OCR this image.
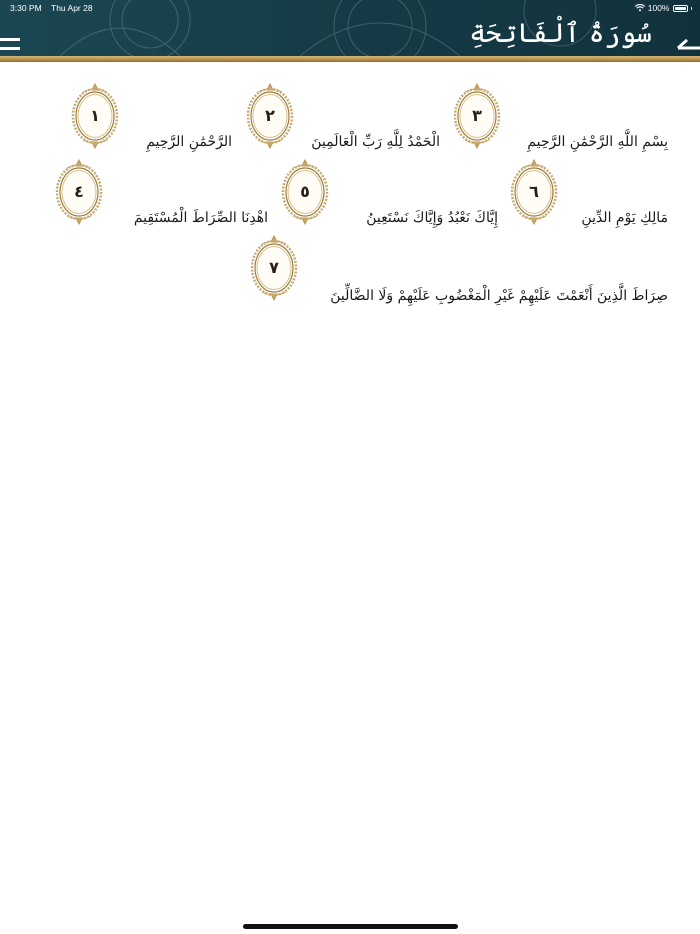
3:30 PM Thu Apr 28	100%
سُورَةُ ٱلْفَاتِحَةِ
بِسْمِ اللَّهِ الرَّحْمَٰنِ الرَّحِيمِ
٣
الْحَمْدُ لِلَّهِ رَبِّ الْعَالَمِينَ
٢
الرَّحْمَٰنِ الرَّحِيمِ
١
مَالِكِ يَوْمِ الدِّينِ
٦
إِيَّاكَ نَعْبُدُ وَإِيَّاكَ نَسْتَعِينُ
٥
اهْدِنَا الصِّرَاطَ الْمُسْتَقِيمَ
٤
صِرَاطَ الَّذِينَ أَنْعَمْتَ عَلَيْهِمْ غَيْرِ الْمَغْضُوبِ عَلَيْهِمْ وَلَا الضَّالِّينَ
٧
